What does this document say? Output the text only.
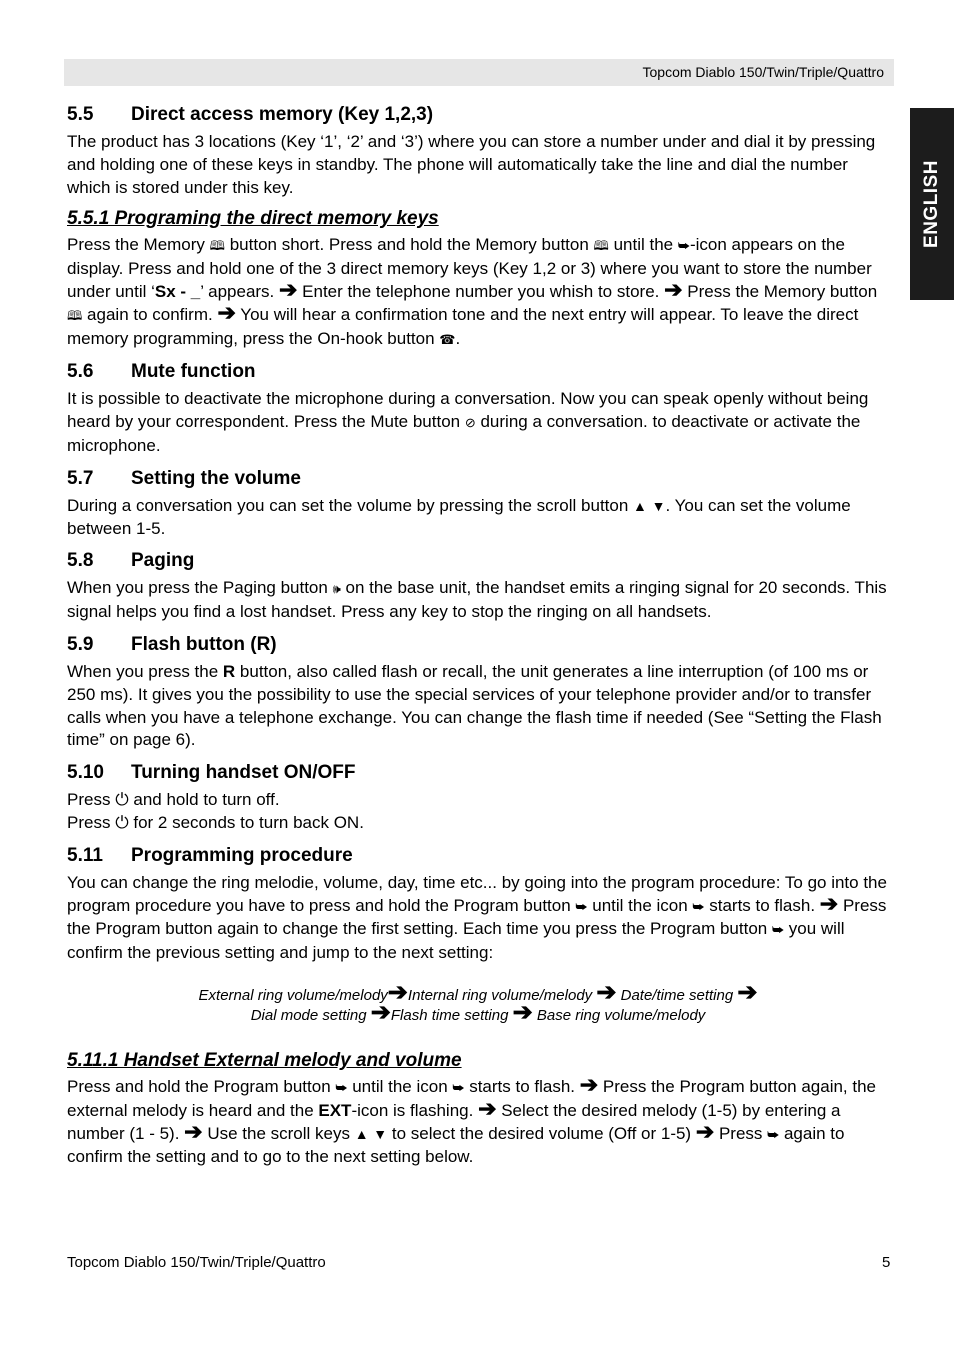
Topcom Diablo 150/Twin/Triple/Quattro
ENGLISH
5.5 Direct access memory (Key 1,2,3)

The product has 3 locations (Key ‘1’, ‘2’ and ‘3’) where you can store a number under and dial it by pressing and holding one of these keys in standby. The phone will automatically take the line and dial the number which is stored under this key.

5.5.1 Programing the direct memory keys

Press the Memory 🕮 button short. Press and hold the Memory button 🕮 until the ⮩-icon appears on the display. Press and hold one of the 3 direct memory keys (Key 1,2 or 3) where you want to store the number under until ‘Sx - _’ appears. ➔ Enter the telephone number you whish to store. ➔ Press the Memory button 🕮 again to confirm. ➔ You will hear a confirmation tone and the next entry will appear. To leave the direct memory programming, press the On-hook button ☎.

5.6 Mute function

It is possible to deactivate the microphone during a conversation. Now you can speak openly without being heard by your correspondent. Press the Mute button ⊘ during a conversation. to deactivate or activate the microphone.

5.7 Setting the volume

During a conversation you can set the volume by pressing the scroll button ▲ ▼. You can set the volume between 1-5.

5.8 Paging

When you press the Paging button 🕪 on the base unit, the handset emits a ringing signal for 20 seconds. This signal helps you find a lost handset. Press any key to stop the ringing on all handsets.

5.9 Flash button (R)

When you press the R button, also called flash or recall, the unit generates a line interruption (of 100 ms or 250 ms). It gives you the possibility to use the special services of your telephone provider and/or to transfer calls when you have a telephone exchange. You can change the flash time if needed (See “Setting the Flash time” on page 6).

5.10 Turning handset ON/OFF

Press ⏻ and hold to turn off.

Press ⏻ for 2 seconds to turn back ON.

5.11 Programming procedure

You can change the ring melodie, volume, day, time etc... by going into the program procedure: To go into the program procedure you have to press and hold the Program button ⮩ until the icon ⮩ starts to flash. ➔ Press the Program button again to change the first setting. Each time you press the Program button ⮩ you will confirm the previous setting and jump to the next setting:

External ring volume/melody➔Internal ring volume/melody ➔ Date/time setting ➔

Dial mode setting ➔Flash time setting ➔ Base ring volume/melody

5.11.1 Handset External melody and volume

Press and hold the Program button ⮩ until the icon ⮩ starts to flash. ➔ Press the Program button again, the external melody is heard and the EXT-icon is flashing. ➔ Select the desired melody (1-5) by entering a number (1 - 5). ➔ Use the scroll keys ▲ ▼ to select the desired volume (Off or 1-5) ➔ Press ⮩ again to confirm the setting and to go to the next setting below.

Topcom Diablo 150/Twin/Triple/Quattro	5
